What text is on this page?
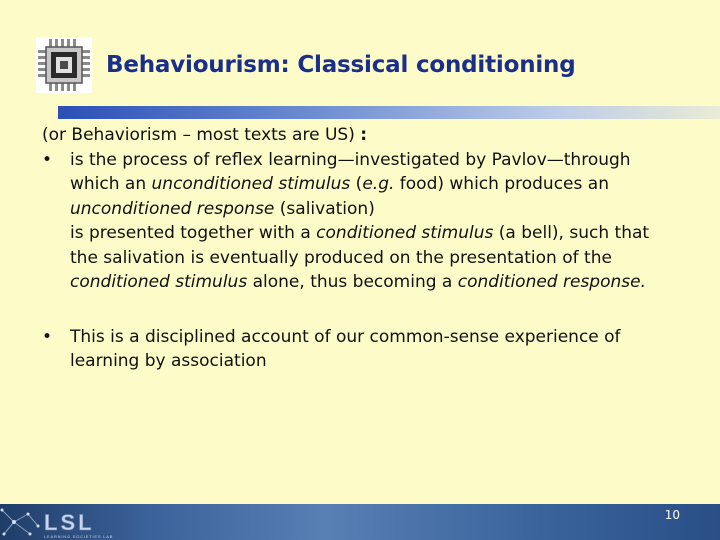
Behaviourism: Classical conditioning
(or Behaviorism – most texts are US) :
•	is the process of reflex learning—investigated by Pavlov—through
which an unconditioned stimulus (e.g. food) which produces an
unconditioned response (salivation)
is presented together with a conditioned stimulus (a bell), such that
the salivation is eventually produced on the presentation of the
conditioned stimulus alone, thus becoming a conditioned response.
•	This is a disciplined account of our common-sense experience of
learning by association
LSL
LEARNING SOCIETIES LAB
10
